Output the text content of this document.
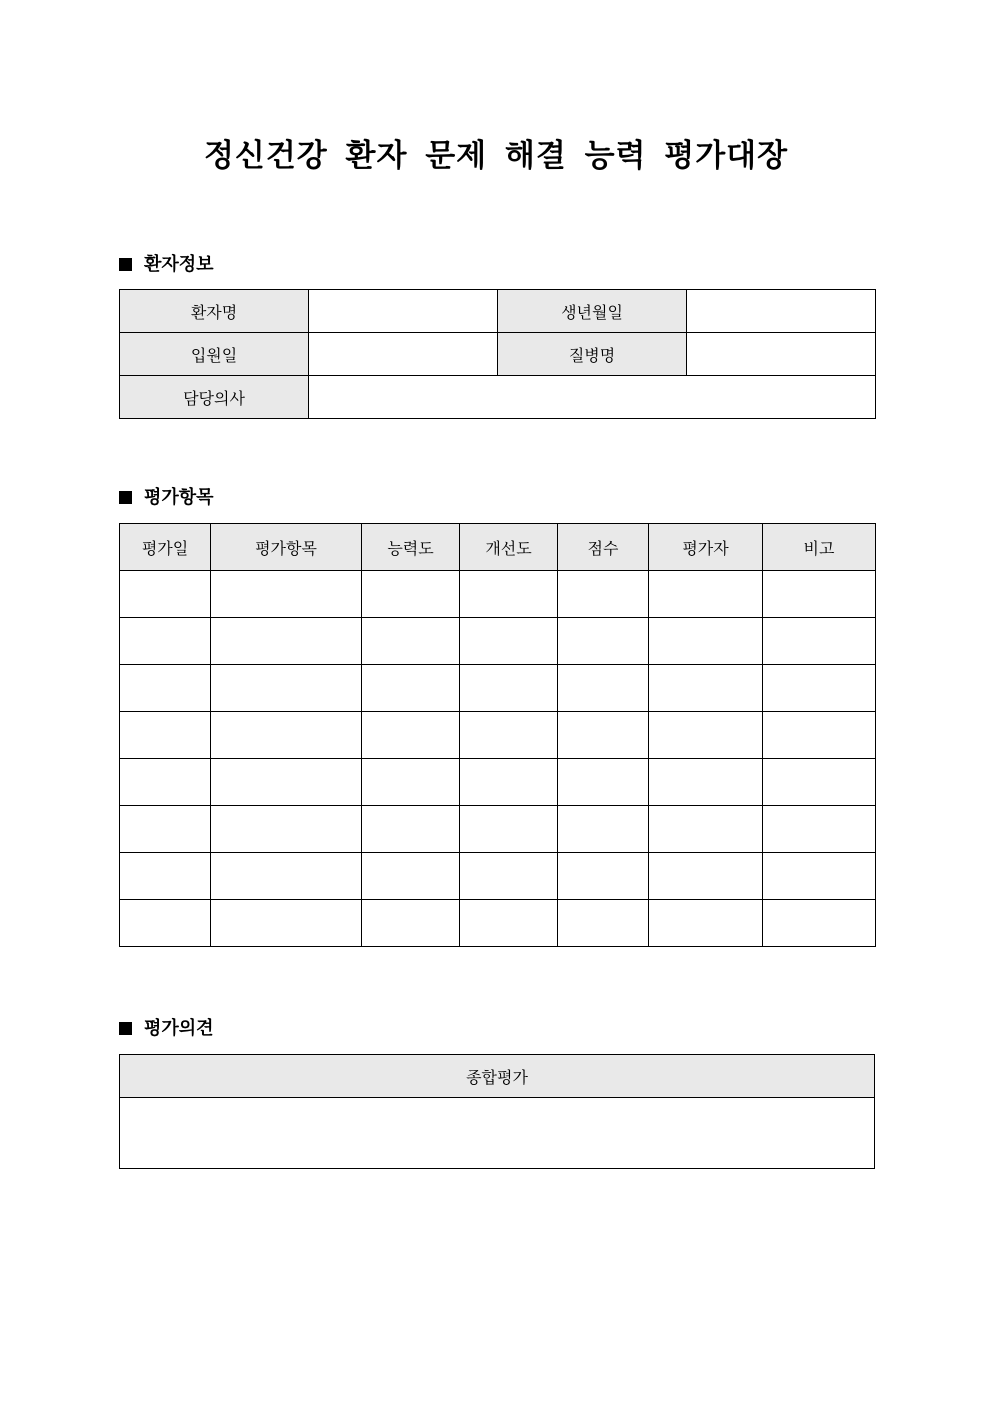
정신건강 환자 문제 해결 능력 평가대장
환자정보
환자명		생년월일	
입원일		질병명	
담당의사			
평가항목
평가일	평가항목	능력도	개선도	점수	평가자	비고

평가의견
종합평가
